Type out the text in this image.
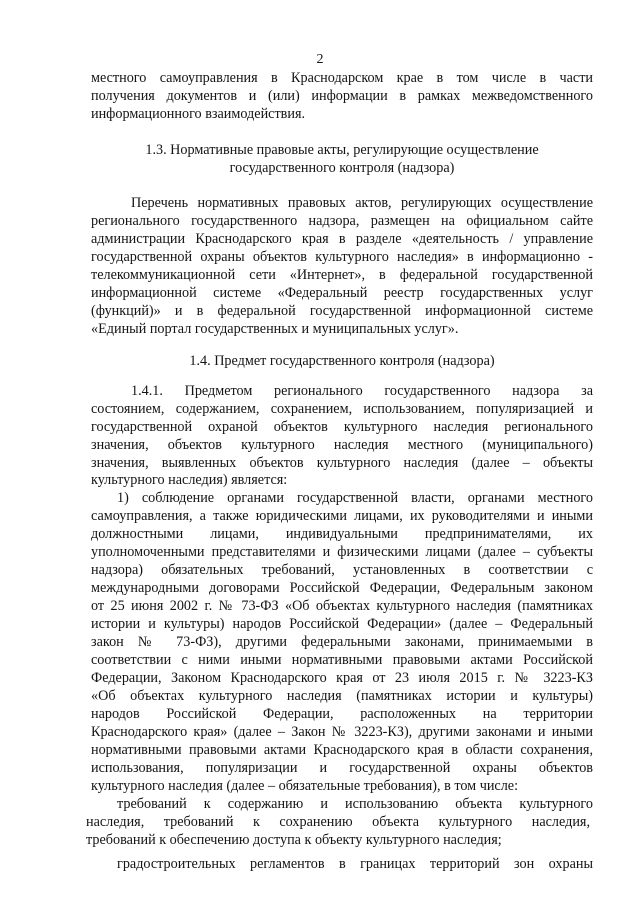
2
местного самоуправления в Краснодарском крае в том числе в части
получения документов и (или) информации в рамках межведомственного
информационного взаимодействия.
1.3. Нормативные правовые акты, регулирующие осуществление
государственного контроля (надзора)
Перечень нормативных правовых актов, регулирующих осуществление
регионального государственного надзора, размещен на официальном сайте
администрации Краснодарского края в разделе «деятельность / управление
государственной охраны объектов культурного наследия» в информационно -
телекоммуникационной сети «Интернет», в федеральной государственной
информационной системе «Федеральный реестр государственных услуг
(функций)» и в федеральной государственной информационной системе
«Единый портал государственных и муниципальных услуг».
1.4. Предмет государственного контроля (надзора)
1.4.1. Предметом регионального государственного надзора за
состоянием, содержанием, сохранением, использованием, популяризацией и
государственной охраной объектов культурного наследия регионального
значения, объектов культурного наследия местного (муниципального)
значения, выявленных объектов культурного наследия (далее – объекты
культурного наследия) является:
1) соблюдение органами государственной власти, органами местного
самоуправления, а также юридическими лицами, их руководителями и иными
должностными лицами, индивидуальными предпринимателями, их
уполномоченными представителями и физическими лицами (далее – субъекты
надзора) обязательных требований, установленных в соответствии с
международными договорами Российской Федерации, Федеральным законом
от 25 июня 2002 г. № 73-ФЗ «Об объектах культурного наследия (памятниках
истории и культуры) народов Российской Федерации» (далее – Федеральный
закон № 73-ФЗ), другими федеральными законами, принимаемыми в
соответствии с ними иными нормативными правовыми актами Российской
Федерации, Законом Краснодарского края от 23 июля 2015 г. № 3223-КЗ
«Об объектах культурного наследия (памятниках истории и культуры)
народов Российской Федерации, расположенных на территории
Краснодарского края» (далее – Закон № 3223-КЗ), другими законами и иными
нормативными правовыми актами Краснодарского края в области сохранения,
использования, популяризации и государственной охраны объектов
культурного наследия (далее – обязательные требования), в том числе:
требований к содержанию и использованию объекта культурного
наследия, требований к сохранению объекта культурного наследия,
требований к обеспечению доступа к объекту культурного наследия;
градостроительных регламентов в границах территорий зон охраны
